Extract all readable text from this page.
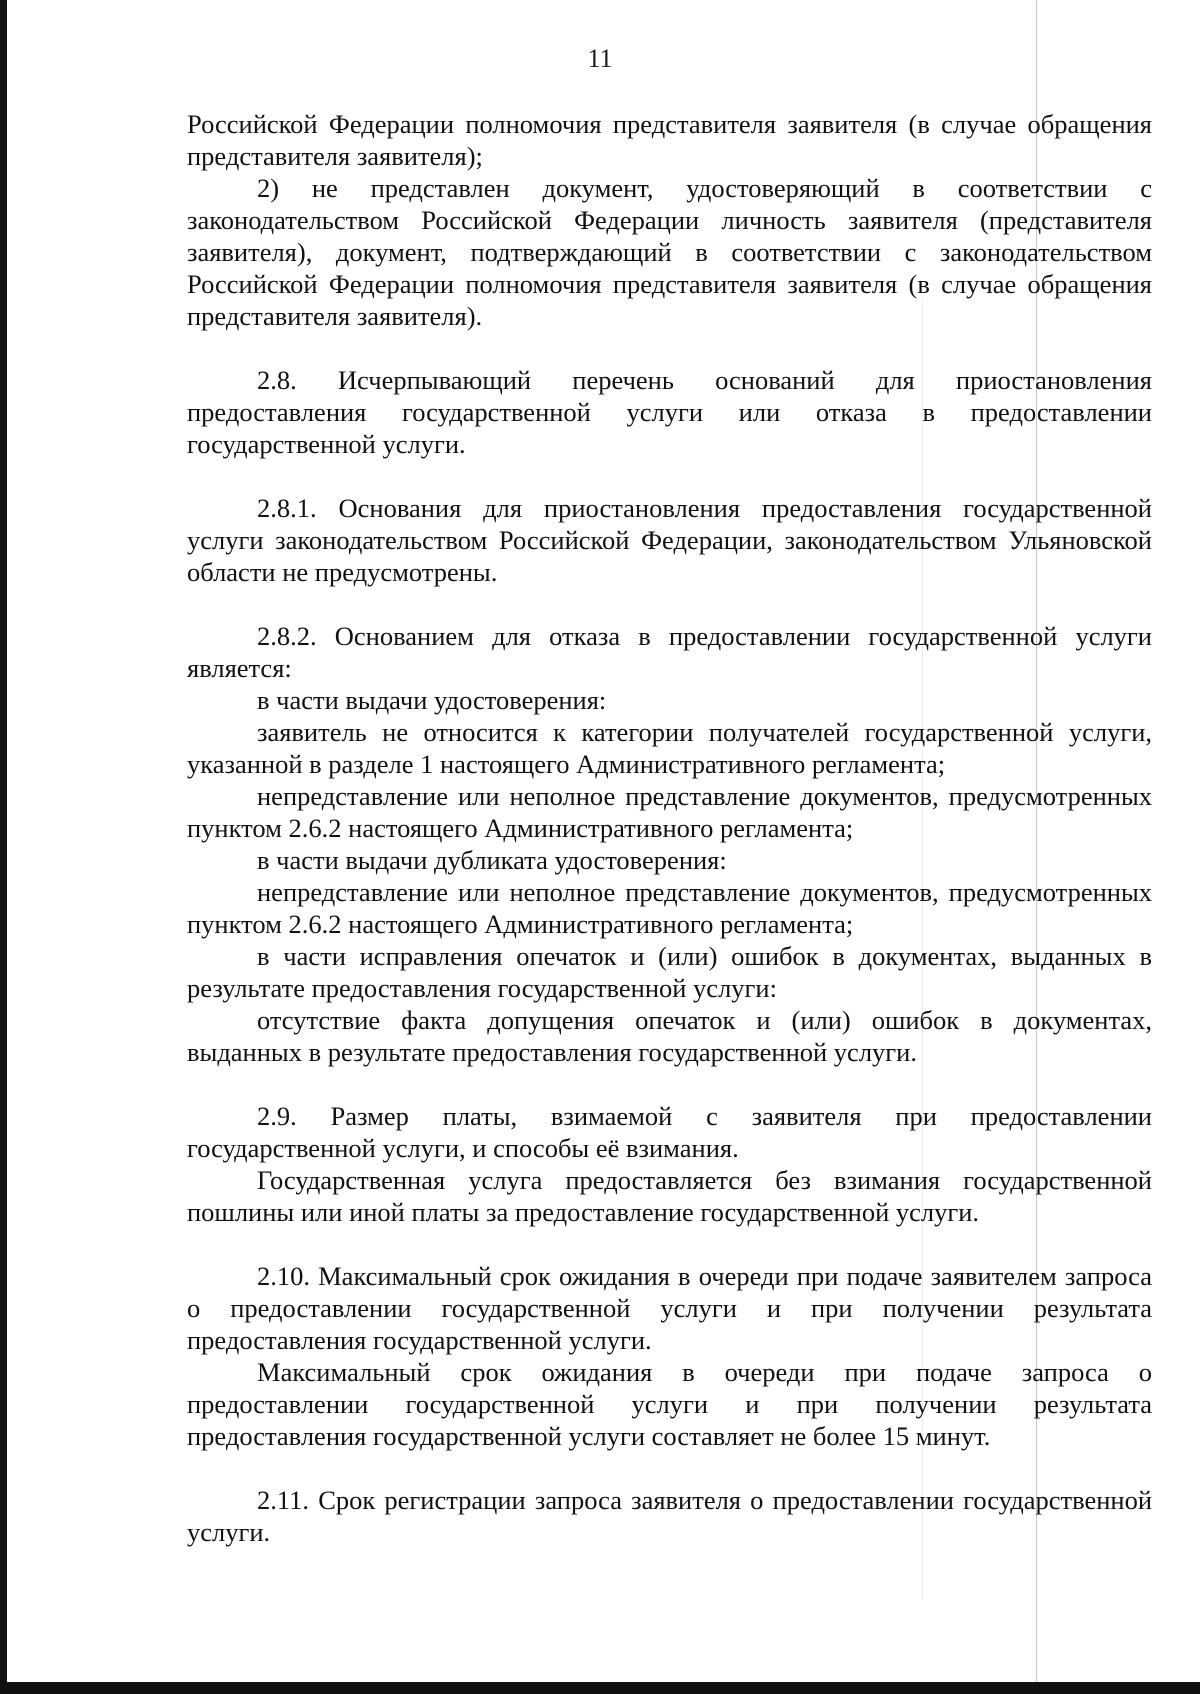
11

Российской Федерации полномочия представителя заявителя (в случае обращения представителя заявителя);

2) не представлен документ, удостоверяющий в соответствии с законодательством Российской Федерации личность заявителя (представителя заявителя), документ, подтверждающий в соответствии с законодательством Российской Федерации полномочия представителя заявителя (в случае обращения представителя заявителя).

2.8. Исчерпывающий перечень оснований для приостановления предоставления государственной услуги или отказа в предоставлении государственной услуги.

2.8.1. Основания для приостановления предоставления государственной услуги законодательством Российской Федерации, законодательством Ульяновской области не предусмотрены.

2.8.2. Основанием для отказа в предоставлении государственной услуги является:

в части выдачи удостоверения:

заявитель не относится к категории получателей государственной услуги, указанной в разделе 1 настоящего Административного регламента;

непредставление или неполное представление документов, предусмотренных пунктом 2.6.2 настоящего Административного регламента;

в части выдачи дубликата удостоверения:

непредставление или неполное представление документов, предусмотренных пунктом 2.6.2 настоящего Административного регламента;

в части исправления опечаток и (или) ошибок в документах, выданных в результате предоставления государственной услуги:

отсутствие факта допущения опечаток и (или) ошибок в документах, выданных в результате предоставления государственной услуги.

2.9. Размер платы, взимаемой с заявителя при предоставлении государственной услуги, и способы её взимания.

Государственная услуга предоставляется без взимания государственной пошлины или иной платы за предоставление государственной услуги.

2.10. Максимальный срок ожидания в очереди при подаче заявителем запроса о предоставлении государственной услуги и при получении результата предоставления государственной услуги.

Максимальный срок ожидания в очереди при подаче запроса о предоставлении государственной услуги и при получении результата предоставления государственной услуги составляет не более 15 минут.

2.11. Срок регистрации запроса заявителя о предоставлении государственной услуги.
